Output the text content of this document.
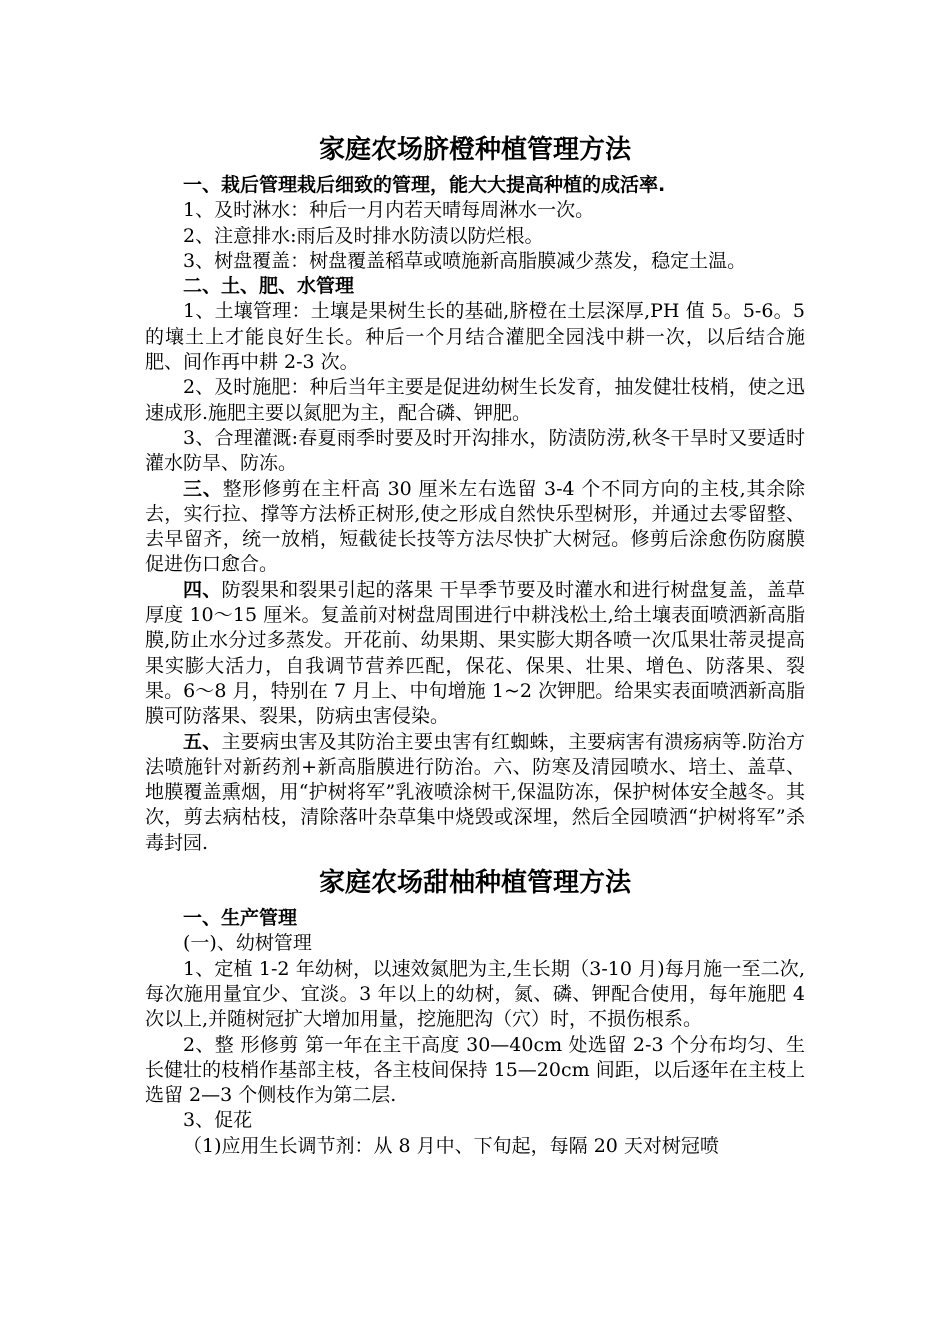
家庭农场脐橙种植管理方法

一、栽后管理栽后细致的管理，能大大提高种植的成活率.

1、及时淋水：种后一月内若天晴每周淋水一次。

2、注意排水:雨后及时排水防渍以防烂根。

3、树盘覆盖：树盘覆盖稻草或喷施新高脂膜减少蒸发，稳定土温。

二、土、肥、水管理

1、土壤管理：土壤是果树生长的基础,脐橙在土层深厚,PH 值 5。5-6。5 的壤土上才能良好生长。种后一个月结合灌肥全园浅中耕一次，以后结合施肥、间作再中耕 2-3 次。

2、及时施肥：种后当年主要是促进幼树生长发育，抽发健壮枝梢，使之迅速成形.施肥主要以氮肥为主，配合磷、钾肥。

3、合理灌溉:春夏雨季时要及时开沟排水，防渍防涝,秋冬干旱时又要适时灌水防旱、防冻。

三、整形修剪在主杆高 30 厘米左右选留 3-4 个不同方向的主枝,其余除去，实行拉、撑等方法桥正树形,使之形成自然快乐型树形，并通过去零留整、去早留齐，统一放梢，短截徒长技等方法尽快扩大树冠。修剪后涂愈伤防腐膜促进伤口愈合。

四、防裂果和裂果引起的落果 干旱季节要及时灌水和进行树盘复盖，盖草厚度 10～15 厘米。复盖前对树盘周围进行中耕浅松土,给土壤表面喷洒新高脂膜,防止水分过多蒸发。开花前、幼果期、果实膨大期各喷一次瓜果壮蒂灵提高果实膨大活力，自我调节营养匹配，保花、保果、壮果、增色、防落果、裂果。6～8 月，特别在 7 月上、中旬增施 1~2 次钾肥。给果实表面喷洒新高脂膜可防落果、裂果，防病虫害侵染。

五、主要病虫害及其防治主要虫害有红蜘蛛，主要病害有溃疡病等.防治方法喷施针对新药剂+新高脂膜进行防治。六、防寒及清园喷水、培土、盖草、地膜覆盖熏烟，用“护树将军”乳液喷涂树干,保温防冻，保护树体安全越冬。其次，剪去病枯枝，清除落叶杂草集中烧毁或深埋，然后全园喷洒“护树将军”杀毒封园.

家庭农场甜柚种植管理方法

一、生产管理

(一)、幼树管理

1、定植 1-2 年幼树，以速效氮肥为主,生长期（3-10 月)每月施一至二次,每次施用量宜少、宜淡。3 年以上的幼树，氮、磷、钾配合使用，每年施肥 4 次以上,并随树冠扩大增加用量，挖施肥沟（穴）时，不损伤根系。

2、整 形修剪 第一年在主干高度 30—40cm 处选留 2-3 个分布均匀、生长健壮的枝梢作基部主枝，各主枝间保持 15—20cm 间距，以后逐年在主枝上选留 2—3 个侧枝作为第二层.

3、促花

（1)应用生长调节剂：从 8 月中、下旬起，每隔 20 天对树冠喷
